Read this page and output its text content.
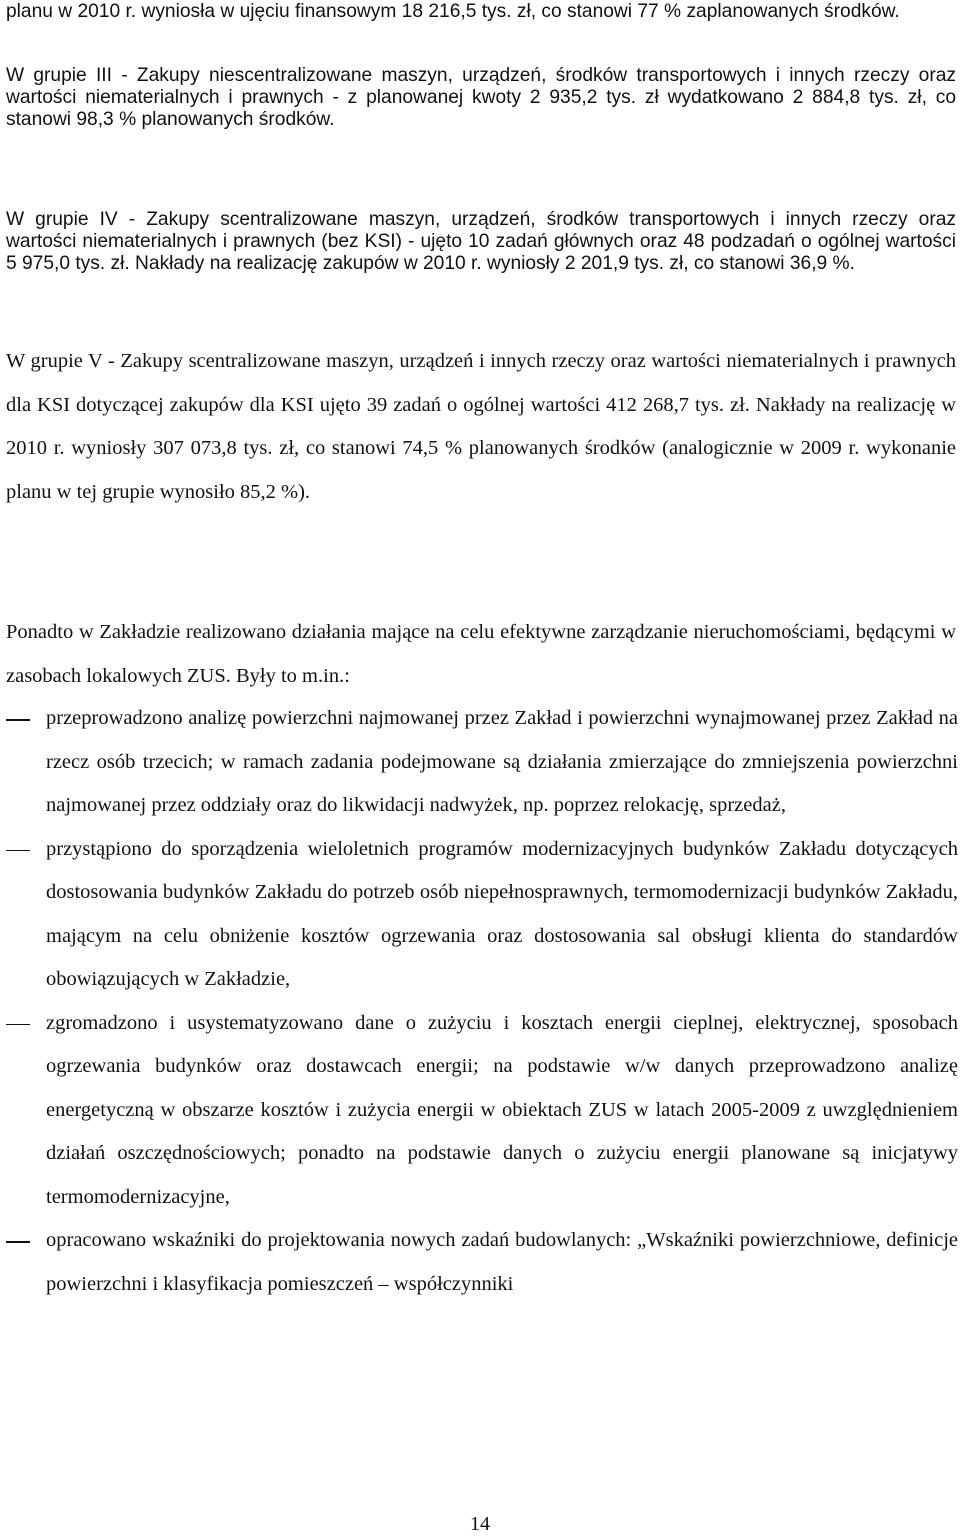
planu w 2010 r. wyniosła w ujęciu finansowym 18 216,5 tys. zł, co stanowi 77 % zaplanowanych środków.

W grupie III - Zakupy niescentralizowane maszyn, urządzeń, środków transportowych i innych rzeczy oraz wartości niematerialnych i prawnych - z planowanej kwoty 2 935,2 tys. zł wydatkowano 2 884,8 tys. zł, co stanowi 98,3 % planowanych środków.

W grupie IV - Zakupy scentralizowane maszyn, urządzeń, środków transportowych i innych rzeczy oraz wartości niematerialnych i prawnych (bez KSI) - ujęto 10 zadań głównych oraz 48 podzadań o ogólnej wartości 5 975,0 tys. zł. Nakłady na realizację zakupów w 2010 r. wyniosły 2 201,9 tys. zł, co stanowi 36,9 %.

W grupie V - Zakupy scentralizowane maszyn, urządzeń i innych rzeczy oraz wartości niematerialnych i prawnych dla KSI dotyczącej zakupów dla KSI ujęto 39 zadań o ogólnej wartości 412 268,7 tys. zł. Nakłady na realizację w 2010 r. wyniosły 307 073,8 tys. zł, co stanowi 74,5 % planowanych środków (analogicznie w 2009 r. wykonanie planu w tej grupie wynosiło 85,2 %).

Ponadto w Zakładzie realizowano działania mające na celu efektywne zarządzanie nieruchomościami, będącymi w zasobach lokalowych ZUS. Były to m.in.:

przeprowadzono analizę powierzchni najmowanej przez Zakład i powierzchni wynajmowanej przez Zakład na rzecz osób trzecich; w ramach zadania podejmowane są działania zmierzające do zmniejszenia powierzchni najmowanej przez oddziały oraz do likwidacji nadwyżek, np. poprzez relokację, sprzedaż,
przystąpiono do sporządzenia wieloletnich programów modernizacyjnych budynków Zakładu dotyczących dostosowania budynków Zakładu do potrzeb osób niepełnosprawnych, termomodernizacji budynków Zakładu, mającym na celu obniżenie kosztów ogrzewania oraz dostosowania sal obsługi klienta do standardów obowiązujących w Zakładzie,
zgromadzono i usystematyzowano dane o zużyciu i kosztach energii cieplnej, elektrycznej, sposobach ogrzewania budynków oraz dostawcach energii; na podstawie w/w danych przeprowadzono analizę energetyczną w obszarze kosztów i zużycia energii w obiektach ZUS w latach 2005-2009 z uwzględnieniem działań oszczędnościowych; ponadto na podstawie danych o zużyciu energii planowane są inicjatywy termomodernizacyjne,
opracowano wskaźniki do projektowania nowych zadań budowlanych: „Wskaźniki powierzchniowe, definicje powierzchni i klasyfikacja pomieszczeń – współczynniki
14
